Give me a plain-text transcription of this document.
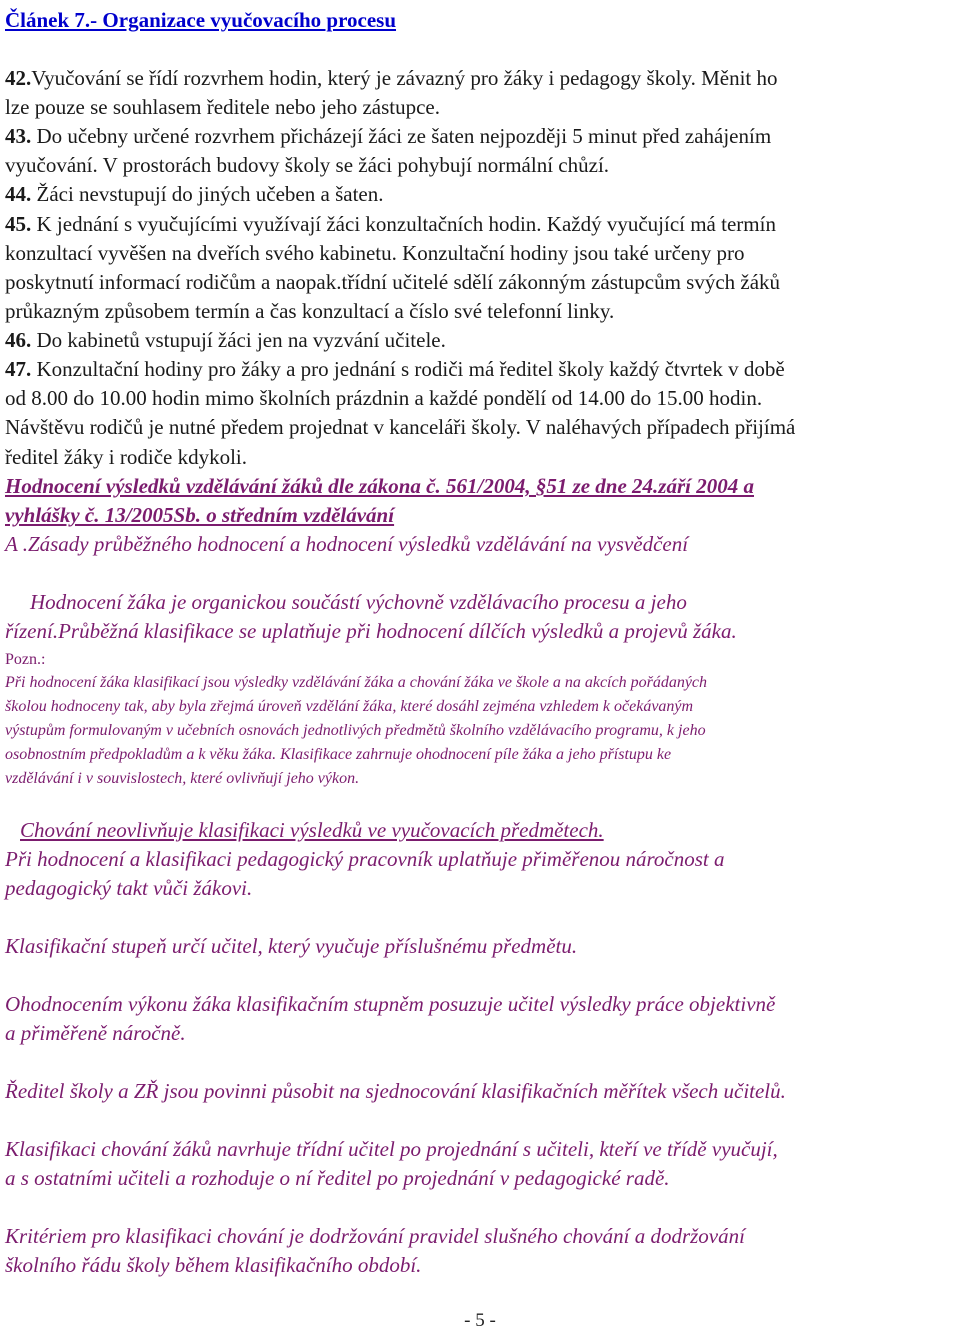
Článek 7.- Organizace vyučovacího procesu
42.Vyučování se řídí rozvrhem hodin, který je závazný pro žáky i pedagogy školy. Měnit ho
lze pouze se souhlasem ředitele nebo jeho zástupce.
43. Do učebny určené rozvrhem přicházejí žáci ze šaten nejpozději 5 minut před zahájením
vyučování. V prostorách budovy školy se žáci pohybují normální chůzí.
44. Žáci nevstupují do jiných učeben a šaten.
45. K jednání s vyučujícími využívají žáci konzultačních hodin. Každý vyučující má termín
konzultací vyvěšen na dveřích svého kabinetu. Konzultační hodiny jsou také určeny pro
poskytnutí informací rodičům a naopak.třídní učitelé sdělí zákonným zástupcům svých žáků
průkazným způsobem termín a čas konzultací a číslo své telefonní linky.
46. Do kabinetů vstupují žáci jen na vyzvání učitele.
47. Konzultační hodiny pro žáky a pro jednání s rodiči má ředitel školy každý čtvrtek v době
od 8.00 do 10.00 hodin mimo školních prázdnin a každé pondělí od 14.00 do 15.00 hodin.
Návštěvu rodičů je nutné předem projednat v kanceláři školy. V naléhavých případech přijímá
ředitel žáky i rodiče kdykoli.
Hodnocení výsledků vzdělávání žáků dle zákona č. 561/2004, §51 ze dne 24.září 2004 a
vyhlášky č. 13/2005Sb. o středním vzdělávání
A .Zásady průběžného hodnocení a hodnocení výsledků vzdělávání na vysvědčení
Hodnocení žáka je organickou součástí výchovně vzdělávacího procesu a jeho
řízení.Průběžná klasifikace se uplatňuje při hodnocení dílčích výsledků a projevů žáka.
Pozn.:
Při hodnocení žáka klasifikací jsou výsledky vzdělávání žáka a chování žáka ve škole a na akcích pořádaných
školou hodnoceny tak, aby byla zřejmá úroveň vzdělání žáka, které dosáhl zejména vzhledem k očekávaným
výstupům formulovaným v učebních osnovách jednotlivých předmětů školního vzdělávacího programu, k jeho
osobnostním předpokladům a k věku žáka. Klasifikace zahrnuje ohodnocení píle žáka a jeho přístupu ke
vzdělávání i v souvislostech, které ovlivňují jeho výkon.
Chování neovlivňuje klasifikaci výsledků ve vyučovacích předmětech.
Při hodnocení a klasifikaci pedagogický pracovník uplatňuje přiměřenou náročnost a
pedagogický takt vůči žákovi.
Klasifikační stupeň určí učitel, který vyučuje příslušnému předmětu.
Ohodnocením výkonu žáka klasifikačním stupněm posuzuje učitel výsledky práce objektivně
a přiměřeně náročně.
Ředitel školy a ZŘ jsou povinni působit na sjednocování klasifikačních měřítek všech učitelů.
Klasifikaci chování žáků navrhuje třídní učitel po projednání s učiteli, kteří ve třídě vyučují,
a s ostatními učiteli a rozhoduje o ní ředitel po projednání v pedagogické radě.
Kritériem pro klasifikaci chování je dodržování pravidel slušného chování a dodržování
školního řádu školy během klasifikačního období.
- 5 -
